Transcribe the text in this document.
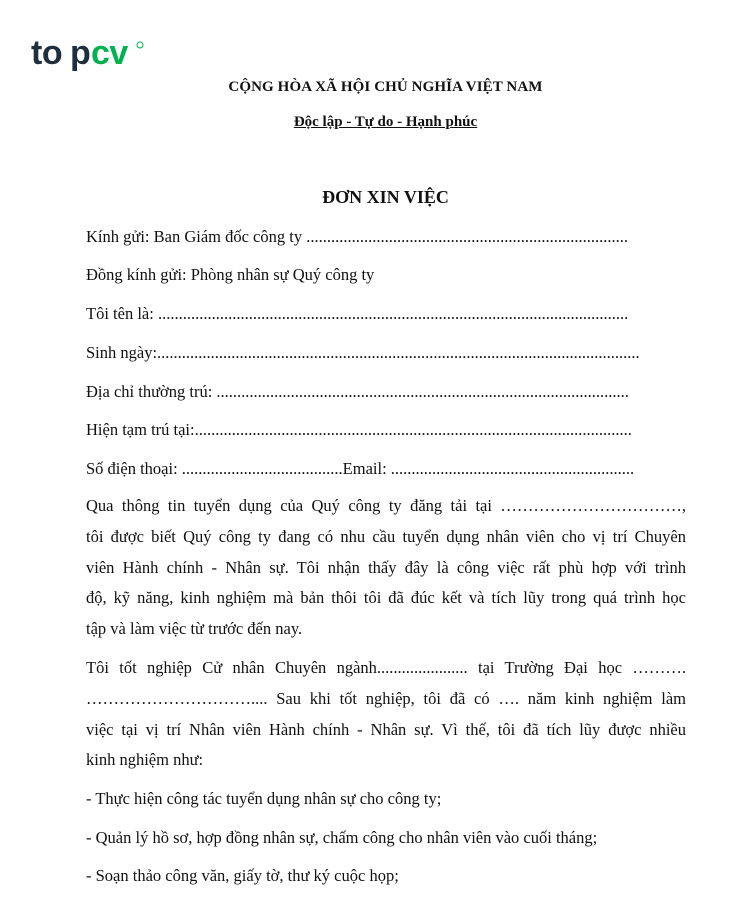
to p cv
CỘNG HÒA XÃ HỘI CHỦ NGHĨA VIỆT NAM
Độc lập - Tự do - Hạnh phúc
ĐƠN XIN VIỆC
Kính gửi: Ban Giám đốc công ty ..............................................................................
Đồng kính gửi: Phòng nhân sự Quý công ty
Tôi tên là: ..................................................................................................................
Sinh ngày:.....................................................................................................................
Địa chỉ thường trú: ....................................................................................................
Hiện tạm trú tại:..........................................................................................................
Số điện thoại: .......................................Email: ...........................................................
Qua thông tin tuyển dụng của Quý công ty đăng tải tại ……………………………,
tôi được biết Quý công ty đang có nhu cầu tuyển dụng nhân viên cho vị trí Chuyên
viên Hành chính - Nhân sự. Tôi nhận thấy đây là công việc rất phù hợp với trình
độ, kỹ năng, kinh nghiệm mà bản thôi tôi đã đúc kết và tích lũy trong quá trình học
tập và làm việc từ trước đến nay.
Tôi tốt nghiệp Cử nhân Chuyên ngành...................... tại Trường Đại học ……….
………………………….... Sau khi tốt nghiệp, tôi đã có …. năm kinh nghiệm làm
việc tại vị trí Nhân viên Hành chính - Nhân sự. Vì thế, tôi đã tích lũy được nhiều
kinh nghiệm như:
- Thực hiện công tác tuyển dụng nhân sự cho công ty;
- Quản lý hồ sơ, hợp đồng nhân sự, chấm công cho nhân viên vào cuối tháng;
- Soạn thảo công văn, giấy tờ, thư ký cuộc họp;
